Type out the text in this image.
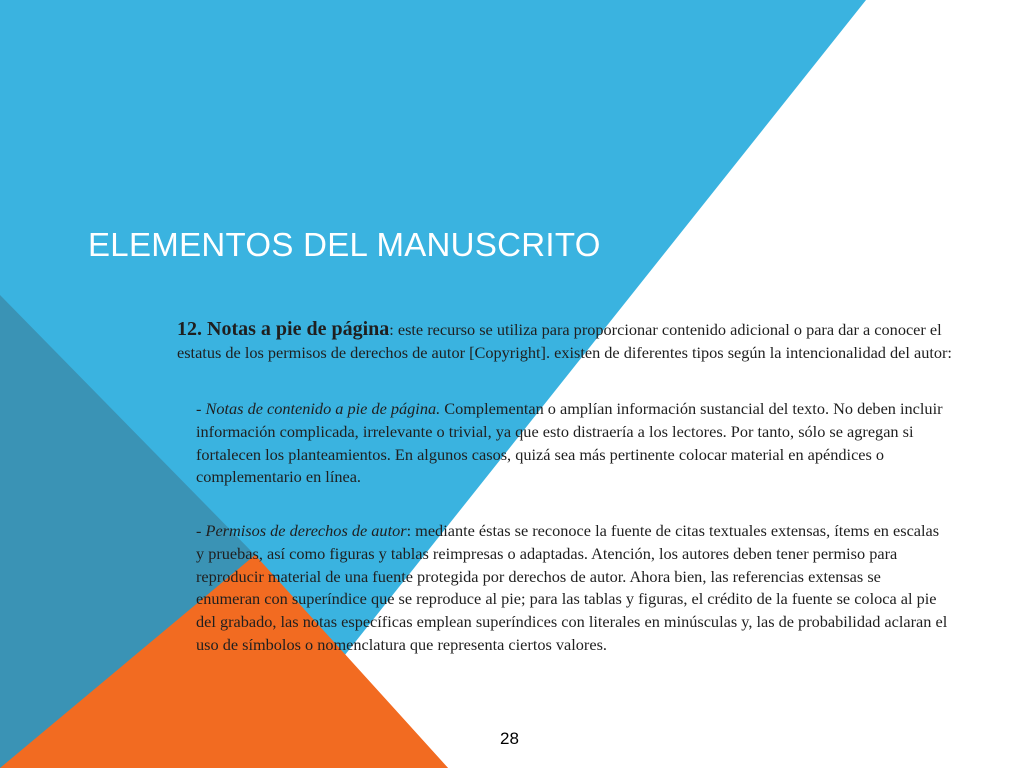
ELEMENTOS DEL MANUSCRITO

12. Notas a pie de página: este recurso se utiliza para proporcionar contenido adicional o para dar a conocer el estatus de los permisos de derechos de autor [Copyright]. existen de diferentes tipos según la intencionalidad del autor:

- Notas de contenido a pie de página. Complementan o amplían información sustancial del texto. No deben incluir información complicada, irrelevante o trivial, ya que esto distraería a los lectores. Por tanto, sólo se agregan si fortalecen los planteamientos. En algunos casos, quizá sea más pertinente colocar material en apéndices o complementario en línea.

- Permisos de derechos de autor: mediante éstas se reconoce la fuente de citas textuales extensas, ítems en escalas y pruebas, así como figuras y tablas reimpresas o adaptadas. Atención, los autores deben tener permiso para reproducir material de una fuente protegida por derechos de autor. Ahora bien, las referencias extensas se enumeran con superíndice que se reproduce al pie; para las tablas y figuras, el crédito de la fuente se coloca al pie del grabado, las notas específicas emplean superíndices con literales en minúsculas y, las de probabilidad aclaran el uso de símbolos o nomenclatura que representa ciertos valores.

28
